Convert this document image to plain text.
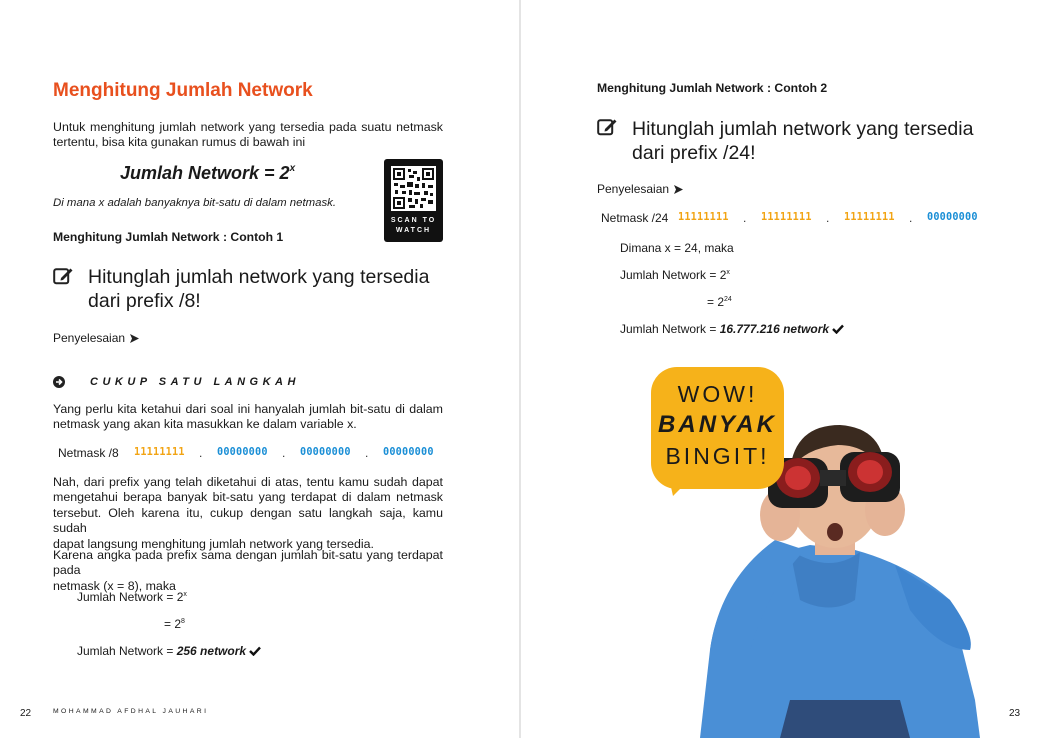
Menghitung Jumlah Network
Untuk menghitung jumlah network yang tersedia pada suatu netmask
tertentu, bisa kita gunakan rumus di bawah ini
Jumlah Network = $2^x$
Di mana x adalah banyaknya bit-satu di dalam netmask.
SCAN TO
WATCH
Menghitung Jumlah Network : Contoh 1
Hitunglah jumlah network yang tersedia
dari prefix /8!
Penyelesaian
CUKUP SATU LANGKAH
Yang perlu kita ketahui dari soal ini hanyalah jumlah bit-satu di dalam
netmask yang akan kita masukkan ke dalam variable x.
Netmask /8 11111111 . 00000000 . 00000000 . 00000000
Nah, dari prefix yang telah diketahui di atas, tentu kamu sudah dapat
mengetahui berapa banyak bit-satu yang terdapat di dalam netmask
tersebut. Oleh karena itu, cukup dengan satu langkah saja, kamu sudah
dapat langsung menghitung jumlah network yang tersedia.
Karena angka pada prefix sama dengan jumlah bit-satu yang terdapat pada
netmask (x = 8), maka
Jumlah Network = $2^x$
= $2^8$
Jumlah Network = 256 network
22	MOHAMMAD AFDHAL JAUHARI
Menghitung Jumlah Network : Contoh 2
Hitunglah jumlah network yang tersedia
dari prefix /24!
Penyelesaian
Netmask /24 11111111 . 11111111 . 11111111 . 00000000
Dimana x = 24, maka
Jumlah Network = $2^x$
= $2^{24}$
Jumlah Network = 16.777.216 network
WOW!
BANYAK
BINGIT!
23
